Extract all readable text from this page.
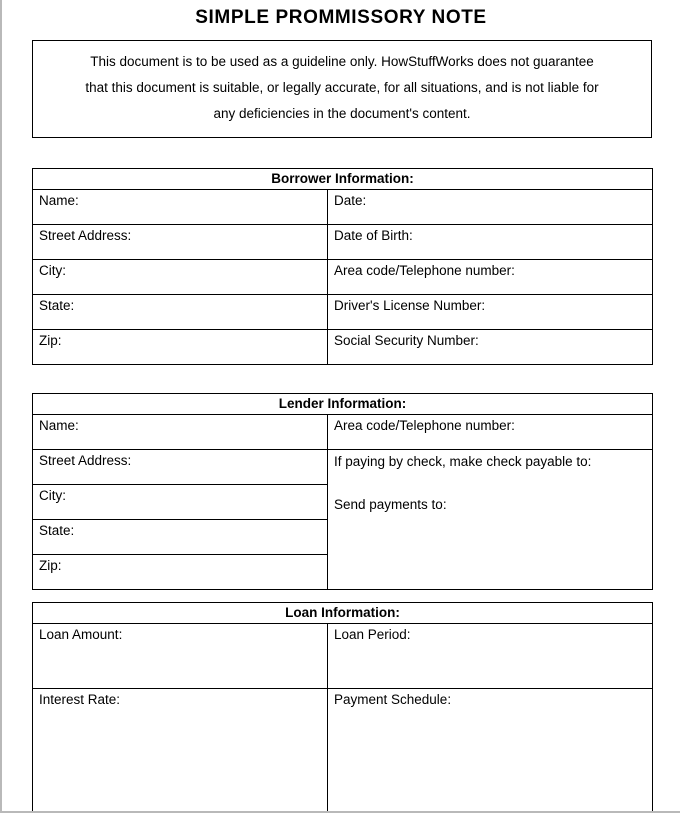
SIMPLE PROMMISSORY NOTE
This document is to be used as a guideline only. HowStuffWorks does not guarantee
that this document is suitable, or legally accurate, for all situations, and is not liable for
any deficiencies in the document's content.
Borrower Information:	
Name:	Date:
Street Address:	Date of Birth:
City:	Area code/Telephone number:
State:	Driver's License Number:
Zip:	Social Security Number:
Lender Information:	
Name:	Area code/Telephone number:
Street Address:	If paying by check, make check payable to:
Send payments to:

City:	
State:	
Zip:	
Loan Information:	
Loan Amount:	Loan Period:
Interest Rate:	Payment Schedule:
